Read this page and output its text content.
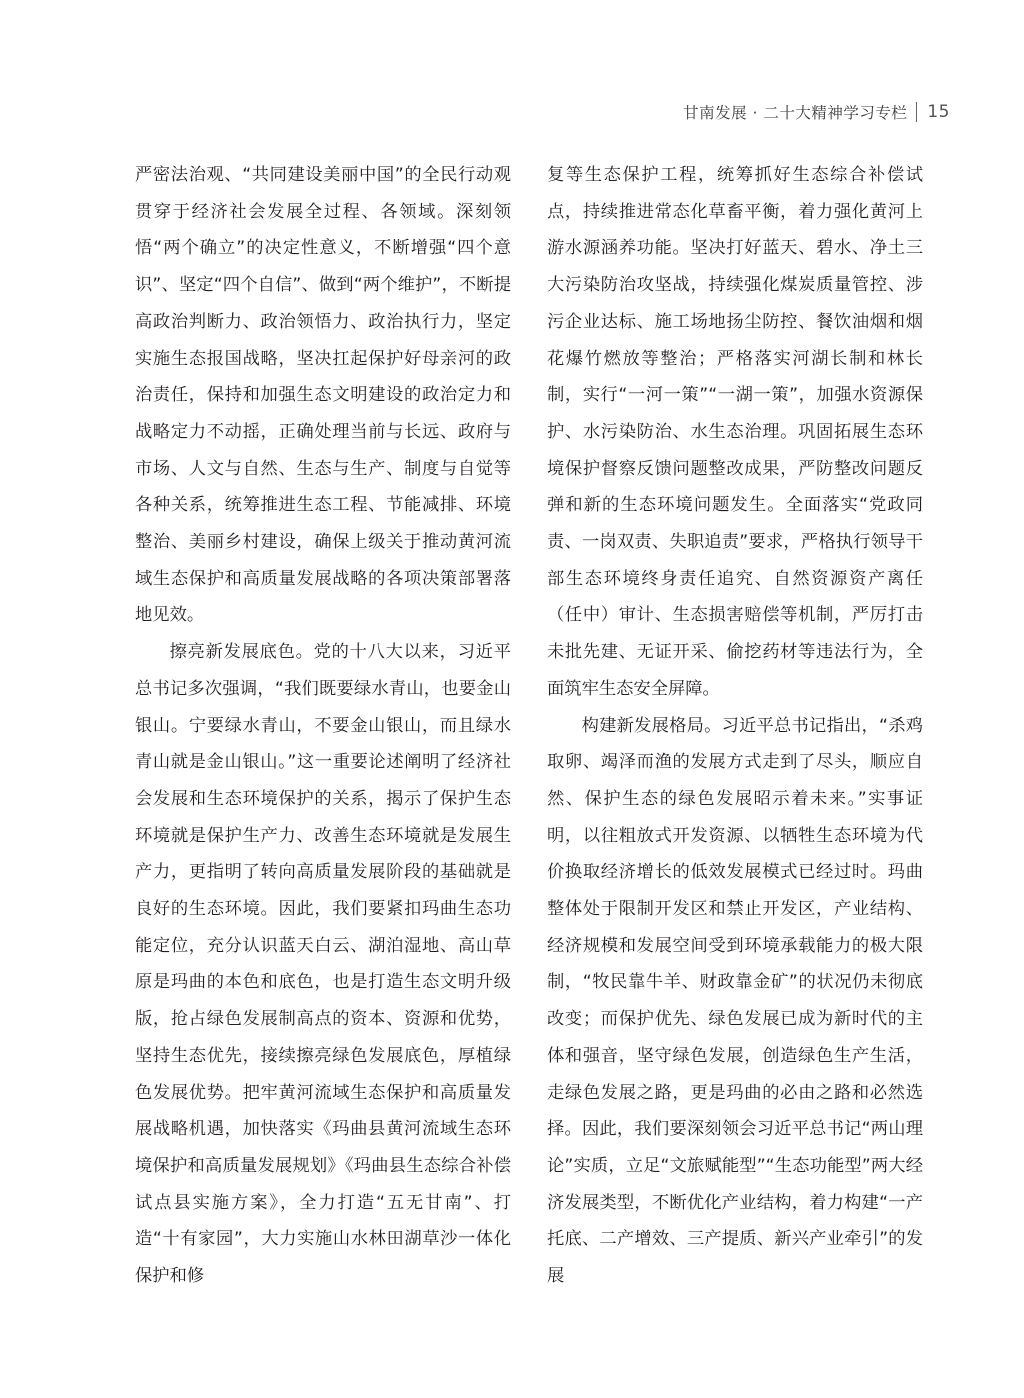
甘南发展 · 二十大精神学习专栏 15

严密法治观、“共同建设美丽中国”的全民行动观贯穿于经济社会发展全过程、各领域。深刻领悟“两个确立”的决定性意义，不断增强“四个意识”、坚定“四个自信”、做到“两个维护”，不断提高政治判断力、政治领悟力、政治执行力，坚定实施生态报国战略，坚决扛起保护好母亲河的政治责任，保持和加强生态文明建设的政治定力和战略定力不动摇，正确处理当前与长远、政府与市场、人文与自然、生态与生产、制度与自觉等各种关系，统筹推进生态工程、节能减排、环境整治、美丽乡村建设，确保上级关于推动黄河流域生态保护和高质量发展战略的各项决策部署落地见效。

擦亮新发展底色。党的十八大以来，习近平总书记多次强调，“我们既要绿水青山，也要金山银山。宁要绿水青山，不要金山银山，而且绿水青山就是金山银山。”这一重要论述阐明了经济社会发展和生态环境保护的关系，揭示了保护生态环境就是保护生产力、改善生态环境就是发展生产力，更指明了转向高质量发展阶段的基础就是良好的生态环境。因此，我们要紧扣玛曲生态功能定位，充分认识蓝天白云、湖泊湿地、高山草原是玛曲的本色和底色，也是打造生态文明升级版，抢占绿色发展制高点的资本、资源和优势，坚持生态优先，接续擦亮绿色发展底色，厚植绿色发展优势。把牢黄河流域生态保护和高质量发展战略机遇，加快落实《玛曲县黄河流域生态环境保护和高质量发展规划》《玛曲县生态综合补偿试点县实施方案》，全力打造“五无甘南”、打造“十有家园”，大力实施山水林田湖草沙一体化保护和修

复等生态保护工程，统筹抓好生态综合补偿试点，持续推进常态化草畜平衡，着力强化黄河上游水源涵养功能。坚决打好蓝天、碧水、净土三大污染防治攻坚战，持续强化煤炭质量管控、涉污企业达标、施工场地扬尘防控、餐饮油烟和烟花爆竹燃放等整治；严格落实河湖长制和林长制，实行“一河一策”“一湖一策”，加强水资源保护、水污染防治、水生态治理。巩固拓展生态环境保护督察反馈问题整改成果，严防整改问题反弹和新的生态环境问题发生。全面落实“党政同责、一岗双责、失职追责”要求，严格执行领导干部生态环境终身责任追究、自然资源资产离任（任中）审计、生态损害赔偿等机制，严厉打击未批先建、无证开采、偷挖药材等违法行为，全面筑牢生态安全屏障。

构建新发展格局。习近平总书记指出，“杀鸡取卵、竭泽而渔的发展方式走到了尽头，顺应自然、保护生态的绿色发展昭示着未来。”实事证明，以往粗放式开发资源、以牺牲生态环境为代价换取经济增长的低效发展模式已经过时。玛曲整体处于限制开发区和禁止开发区，产业结构、经济规模和发展空间受到环境承载能力的极大限制，“牧民靠牛羊、财政靠金矿”的状况仍未彻底改变；而保护优先、绿色发展已成为新时代的主体和强音，坚守绿色发展，创造绿色生产生活，走绿色发展之路，更是玛曲的必由之路和必然选择。因此，我们要深刻领会习近平总书记“两山理论”实质，立足“文旅赋能型”“生态功能型”两大经济发展类型，不断优化产业结构，着力构建“一产托底、二产增效、三产提质、新兴产业牵引”的发展
